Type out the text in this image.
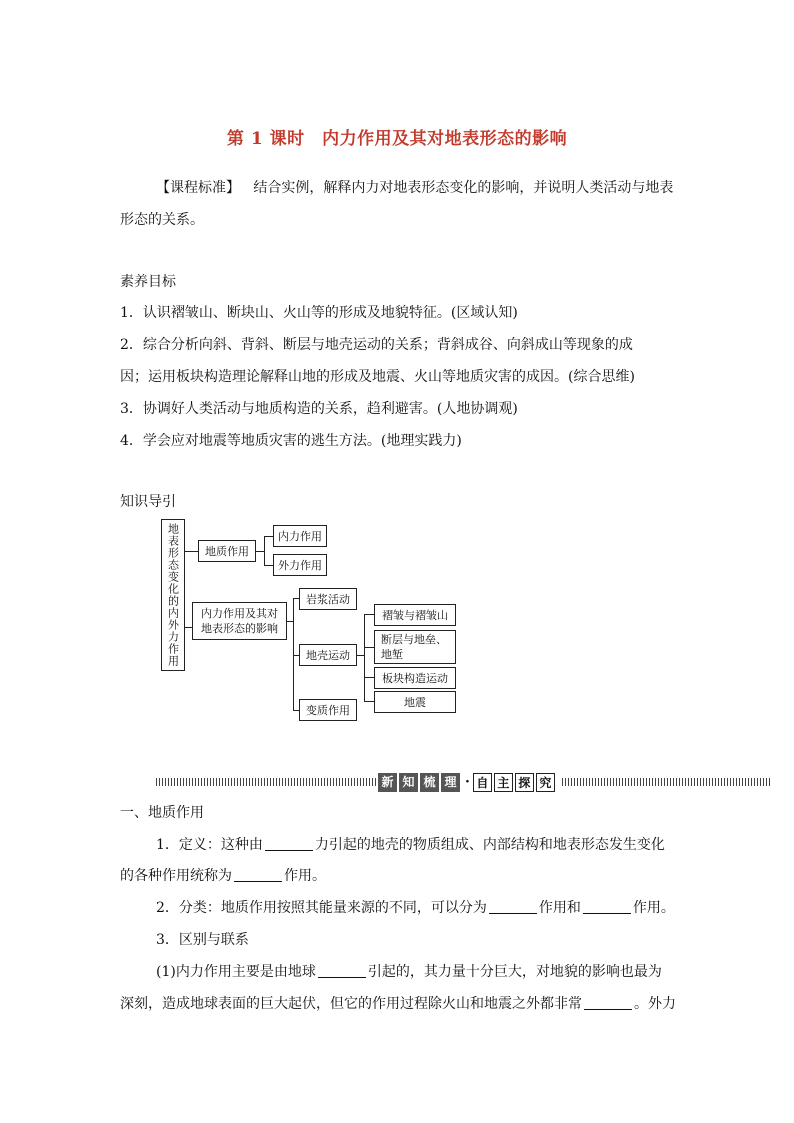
第 1 课时　内力作用及其对地表形态的影响
【课程标准】 结合实例，解释内力对地表形态变化的影响，并说明人类活动与地表
形态的关系。
素养目标
1．认识褶皱山、断块山、火山等的形成及地貌特征。(区域认知)
2．综合分析向斜、背斜、断层与地壳运动的关系；背斜成谷、向斜成山等现象的成
因；运用板块构造理论解释山地的形成及地震、火山等地质灾害的成因。(综合思维)
3．协调好人类活动与地质构造的关系，趋利避害。(人地协调观)
4．学会应对地震等地质灾害的逃生方法。(地理实践力)
知识导引
地表形态变化的内外力作用	地质作用
内力作用
外力作用
内力作用及其对地表形态的影响
岩浆活动
地壳运动
变质作用
褶皱与褶皱山
断层与地垒、地堑
板块构造运动
地震
新 知 梳 理 · 自 主 探 究
一、地质作用
1．定义：这种由	力引起的地壳的物质组成、内部结构和地表形态发生变化
的各种作用统称为	作用。
2．分类：地质作用按照其能量来源的不同，可以分为	作用和	作用。
3．区别与联系
(1)内力作用主要是由地球	引起的，其力量十分巨大，对地貌的影响也最为
深刻，造成地球表面的巨大起伏，但它的作用过程除火山和地震之外都非常	。外力
